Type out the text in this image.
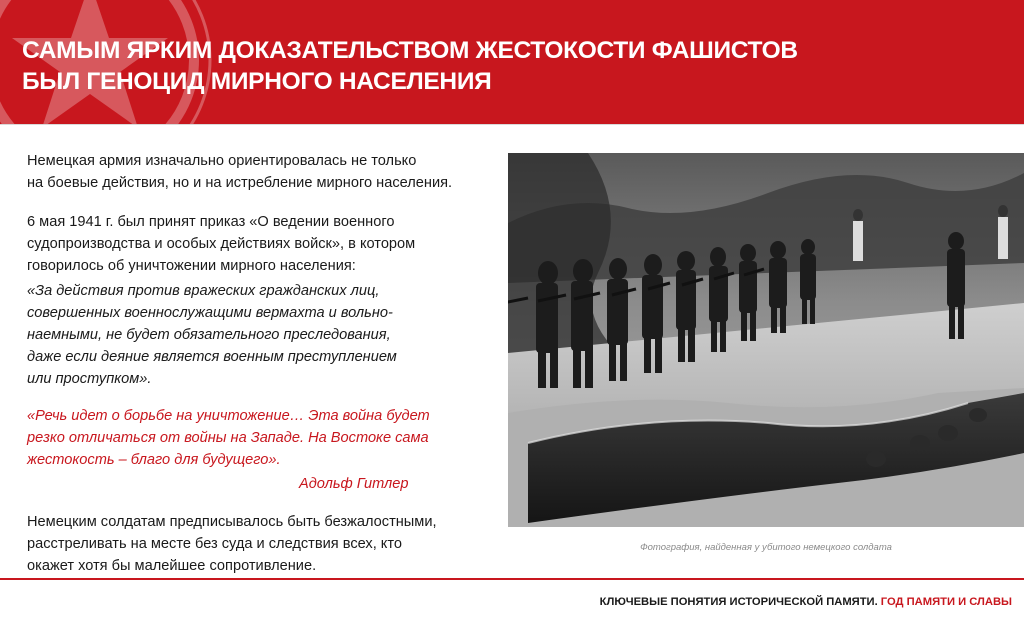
САМЫМ ЯРКИМ ДОКАЗАТЕЛЬСТВОМ ЖЕСТОКОСТИ ФАШИСТОВ
БЫЛ ГЕНОЦИД МИРНОГО НАСЕЛЕНИЯ

Немецкая армия изначально ориентировалась не только
на боевые действия, но и на истребление мирного населения.

6 мая 1941 г. был принят приказ «О ведении военного
судопроизводства и особых действиях войск», в котором
говорилось об уничтожении мирного населения:

«За действия против вражеских гражданских лиц,
совершенных военнослужащими вермахта и вольно-
наемными, не будет обязательного преследования,
даже если деяние является военным преступлением
или проступком».

«Речь идет о борьбе на уничтожение… Эта война будет
резко отличаться от войны на Западе. На Востоке сама
жестокость – благо для будущего».

Адольф Гитлер

Немецким солдатам предписывалось быть безжалостными,
расстреливать на месте без суда и следствия всех, кто
окажет хотя бы малейшее сопротивление.

Фотография, найденная у убитого немецкого солдата
КЛЮЧЕВЫЕ ПОНЯТИЯ ИСТОРИЧЕСКОЙ ПАМЯТИ. ГОД ПАМЯТИ И СЛАВЫ
